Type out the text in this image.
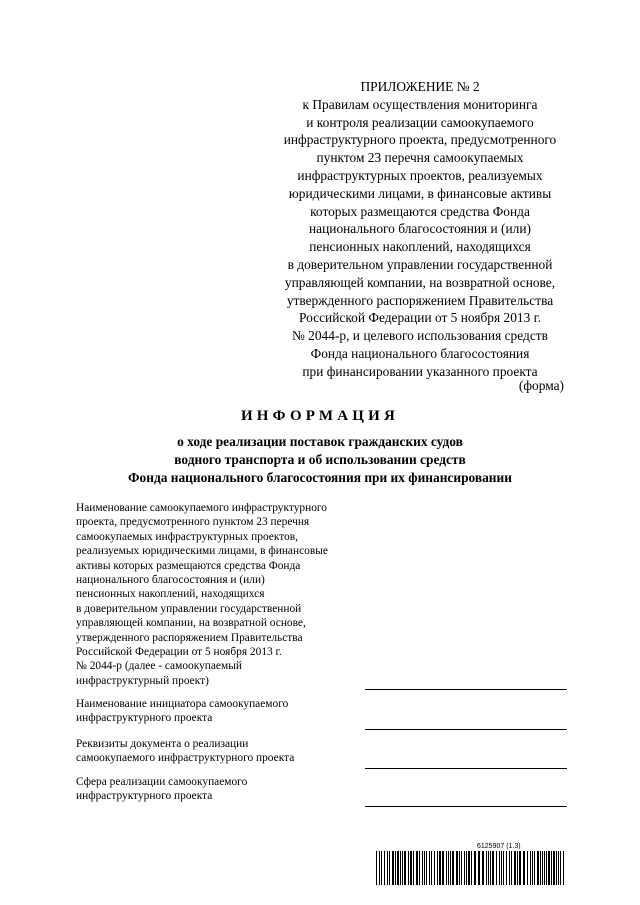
ПРИЛОЖЕНИЕ № 2
к Правилам осуществления мониторинга
и контроля реализации самоокупаемого
инфраструктурного проекта, предусмотренного
пунктом 23 перечня самоокупаемых
инфраструктурных проектов, реализуемых
юридическими лицами, в финансовые активы
которых размещаются средства Фонда
национального благосостояния и (или)
пенсионных накоплений, находящихся
в доверительном управлении государственной
управляющей компании, на возвратной основе,
утвержденного распоряжением Правительства
Российской Федерации от 5 ноября 2013 г.
№ 2044-р, и целевого использования средств
Фонда национального благосостояния
при финансировании указанного проекта
(форма)
ИНФОРМАЦИЯ
о ходе реализации поставок гражданских судов
водного транспорта и об использовании средств
Фонда национального благосостояния при их финансировании
Наименование самоокупаемого инфраструктурного
проекта, предусмотренного пунктом 23 перечня
самоокупаемых инфраструктурных проектов,
реализуемых юридическими лицами, в финансовые
активы которых размещаются средства Фонда
национального благосостояния и (или)
пенсионных накоплений, находящихся
в доверительном управлении государственной
управляющей компании, на возвратной основе,
утвержденного распоряжением Правительства
Российской Федерации от 5 ноября 2013 г.
№ 2044-р (далее - самоокупаемый
инфраструктурный проект)
Наименование инициатора самоокупаемого
инфраструктурного проекта
Реквизиты документа о реализации
самоокупаемого инфраструктурного проекта
Сфера реализации самоокупаемого
инфраструктурного проекта
6125907 (1.3)
